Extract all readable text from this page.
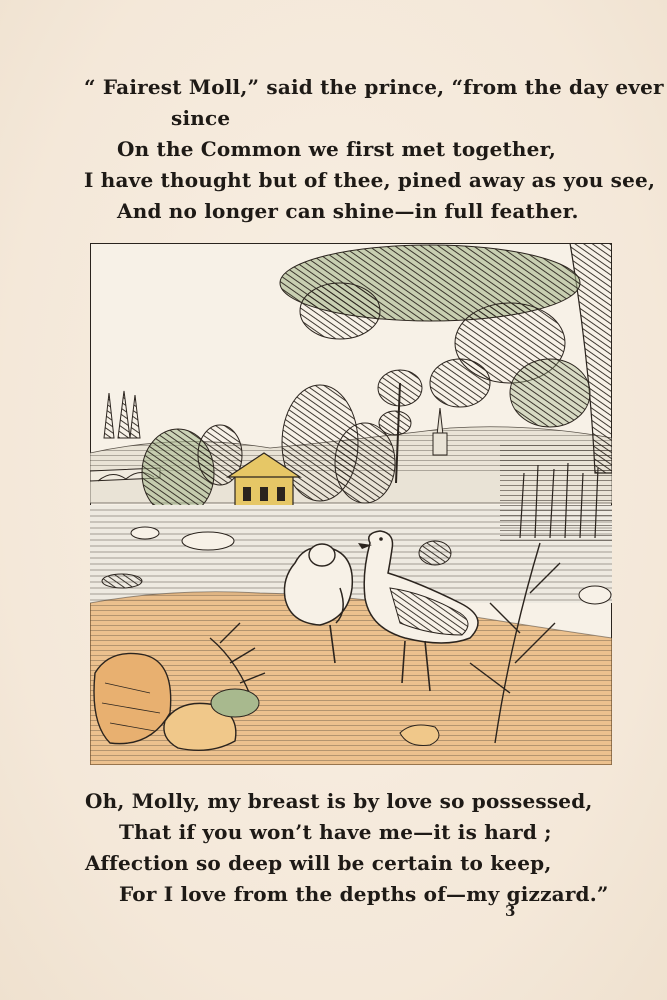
“ Fairest Moll,” said the prince, “from the day ever
since
On the Common we first met together,
I have thought but of thee, pined away as you see,
And no longer can shine—in full feather.
Oh, Molly, my breast is by love so possessed,
That if you won’t have me—it is hard ;
Affection so deep will be certain to keep,
For I love from the depths of—my gizzard.”
3
